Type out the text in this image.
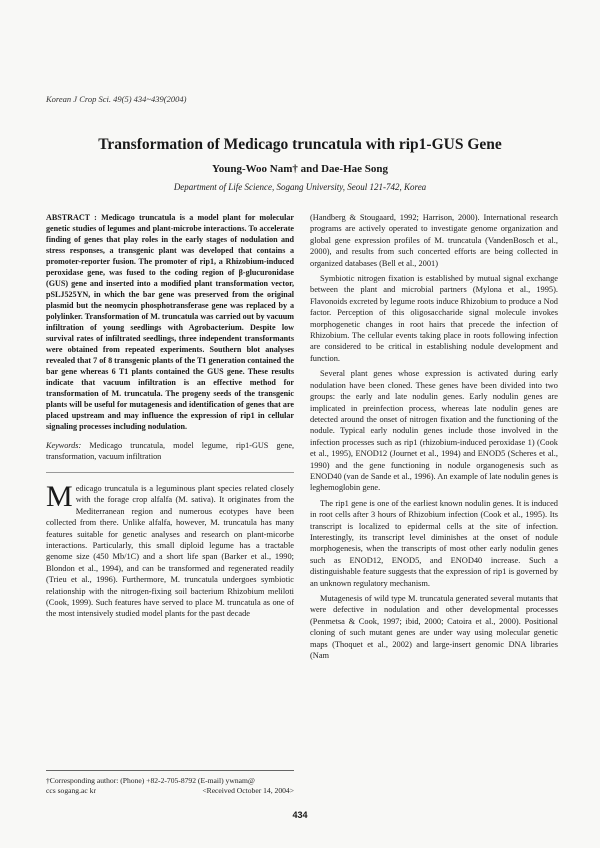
Korean J Crop Sci. 49(5) 434~439(2004)
Transformation of Medicago truncatula with rip1-GUS Gene
Young-Woo Nam† and Dae-Hae Song
Department of Life Science, Sogang University, Seoul 121-742, Korea

ABSTRACT : Medicago truncatula is a model plant for molecular genetic studies of legumes and plant-microbe interactions. To accelerate finding of genes that play roles in the early stages of nodulation and stress responses, a transgenic plant was developed that contains a promoter-reporter fusion. The promoter of rip1, a Rhizobium-induced peroxidase gene, was fused to the coding region of β-glucuronidase (GUS) gene and inserted into a modified plant transformation vector, pSLJ525YN, in which the bar gene was preserved from the original plasmid but the neomycin phosphotransferase gene was replaced by a polylinker. Transformation of M. truncatula was carried out by vacuum infiltration of young seedlings with Agrobacterium. Despite low survival rates of infiltrated seedlings, three independent transformants were obtained from repeated experiments. Southern blot analyses revealed that 7 of 8 transgenic plants of the T1 generation contained the bar gene whereas 6 T1 plants contained the GUS gene. These results indicate that vacuum infiltration is an effective method for transformation of M. truncatula. The progeny seeds of the transgenic plants will be useful for mutagenesis and identification of genes that are placed upstream and may influence the expression of rip1 in cellular signaling processes including nodulation.

Keywords: Medicago truncatula, model legume, rip1-GUS gene, transformation, vacuum infiltration

Medicago truncatula is a leguminous plant species related closely with the forage crop alfalfa (M. sativa). It originates from the Mediterranean region and numerous ecotypes have been collected from there. Unlike alfalfa, however, M. truncatula has many features suitable for genetic analyses and research on plant-micorbe interactions. Particularly, this small diploid legume has a tractable genome size (450 Mb/1C) and a short life span (Barker et al., 1990; Blondon et al., 1994), and can be transformed and regenerated readily (Trieu et al., 1996). Furthermore, M. truncatula undergoes symbiotic relationship with the nitrogen-fixing soil bacterium Rhizobium meliloti (Cook, 1999). Such features have served to place M. truncatula as one of the most intensively studied model plants for the past decade

(Handberg & Stougaard, 1992; Harrison, 2000). International research programs are actively operated to investigate genome organization and global gene expression profiles of M. truncatula (VandenBosch et al., 2000), and results from such concerted efforts are being collected in organized databases (Bell et al., 2001)

Symbiotic nitrogen fixation is established by mutual signal exchange between the plant and microbial partners (Mylona et al., 1995). Flavonoids excreted by legume roots induce Rhizobium to produce a Nod factor. Perception of this oligosaccharide signal molecule invokes morphogenetic changes in root hairs that precede the infection of Rhizobium. The cellular events taking place in roots following infection are considered to be critical in establishing nodule development and function.

Several plant genes whose expression is activated during early nodulation have been cloned. These genes have been divided into two groups: the early and late nodulin genes. Early nodulin genes are implicated in preinfection process, whereas late nodulin genes are detected around the onset of nitrogen fixation and the functioning of the nodule. Typical early nodulin genes include those involved in the infection processes such as rip1 (rhizobium-induced peroxidase 1) (Cook et al., 1995), ENOD12 (Journet et al., 1994) and ENOD5 (Scheres et al., 1990) and the gene functioning in nodule organogenesis such as ENOD40 (van de Sande et al., 1996). An example of late nodulin genes is leghemoglobin gene.

The rip1 gene is one of the earliest known nodulin genes. It is induced in root cells after 3 hours of Rhizobium infection (Cook et al., 1995). Its transcript is localized to epidermal cells at the site of infection. Interestingly, its transcript level diminishes at the onset of nodule morphogenesis, when the transcripts of most other early nodulin genes such as ENOD12, ENOD5, and ENOD40 increase. Such a distinguishable feature suggests that the expression of rip1 is governed by an unknown regulatory mechanism.

Mutagenesis of wild type M. truncatula generated several mutants that were defective in nodulation and other developmental processes (Penmetsa & Cook, 1997; ibid, 2000; Catoira et al., 2000). Positional cloning of such mutant genes are under way using molecular genetic maps (Thoquet et al., 2002) and large-insert genomic DNA libraries (Nam

†Corresponding author: (Phone) +82-2-705-8792 (E-mail) ywnam@
ccs sogang.ac kr	<Received October 14, 2004>
434
